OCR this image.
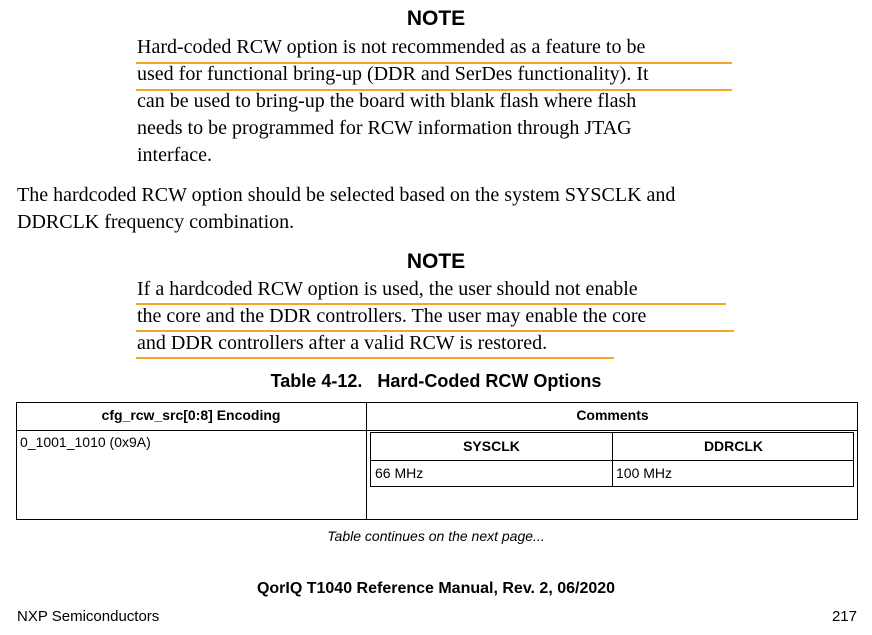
NOTE
Hard-coded RCW option is not recommended as a feature to be
used for functional bring-up (DDR and SerDes functionality). It
can be used to bring-up the board with blank flash where flash
needs to be programmed for RCW information through JTAG
interface.
The hardcoded RCW option should be selected based on the system SYSCLK and
DDRCLK frequency combination.
NOTE
If a hardcoded RCW option is used, the user should not enable
the core and the DDR controllers. The user may enable the core
and DDR controllers after a valid RCW is restored.
Table 4-12.   Hard-Coded RCW Options
cfg_rcw_src[0:8] Encoding	Comments
0_1001_1010 (0x9A)	SYSCLK	DDRCLK
66 MHz	100 MHz
Table continues on the next page...
QorIQ T1040 Reference Manual, Rev. 2, 06/2020
NXP Semiconductors	217
